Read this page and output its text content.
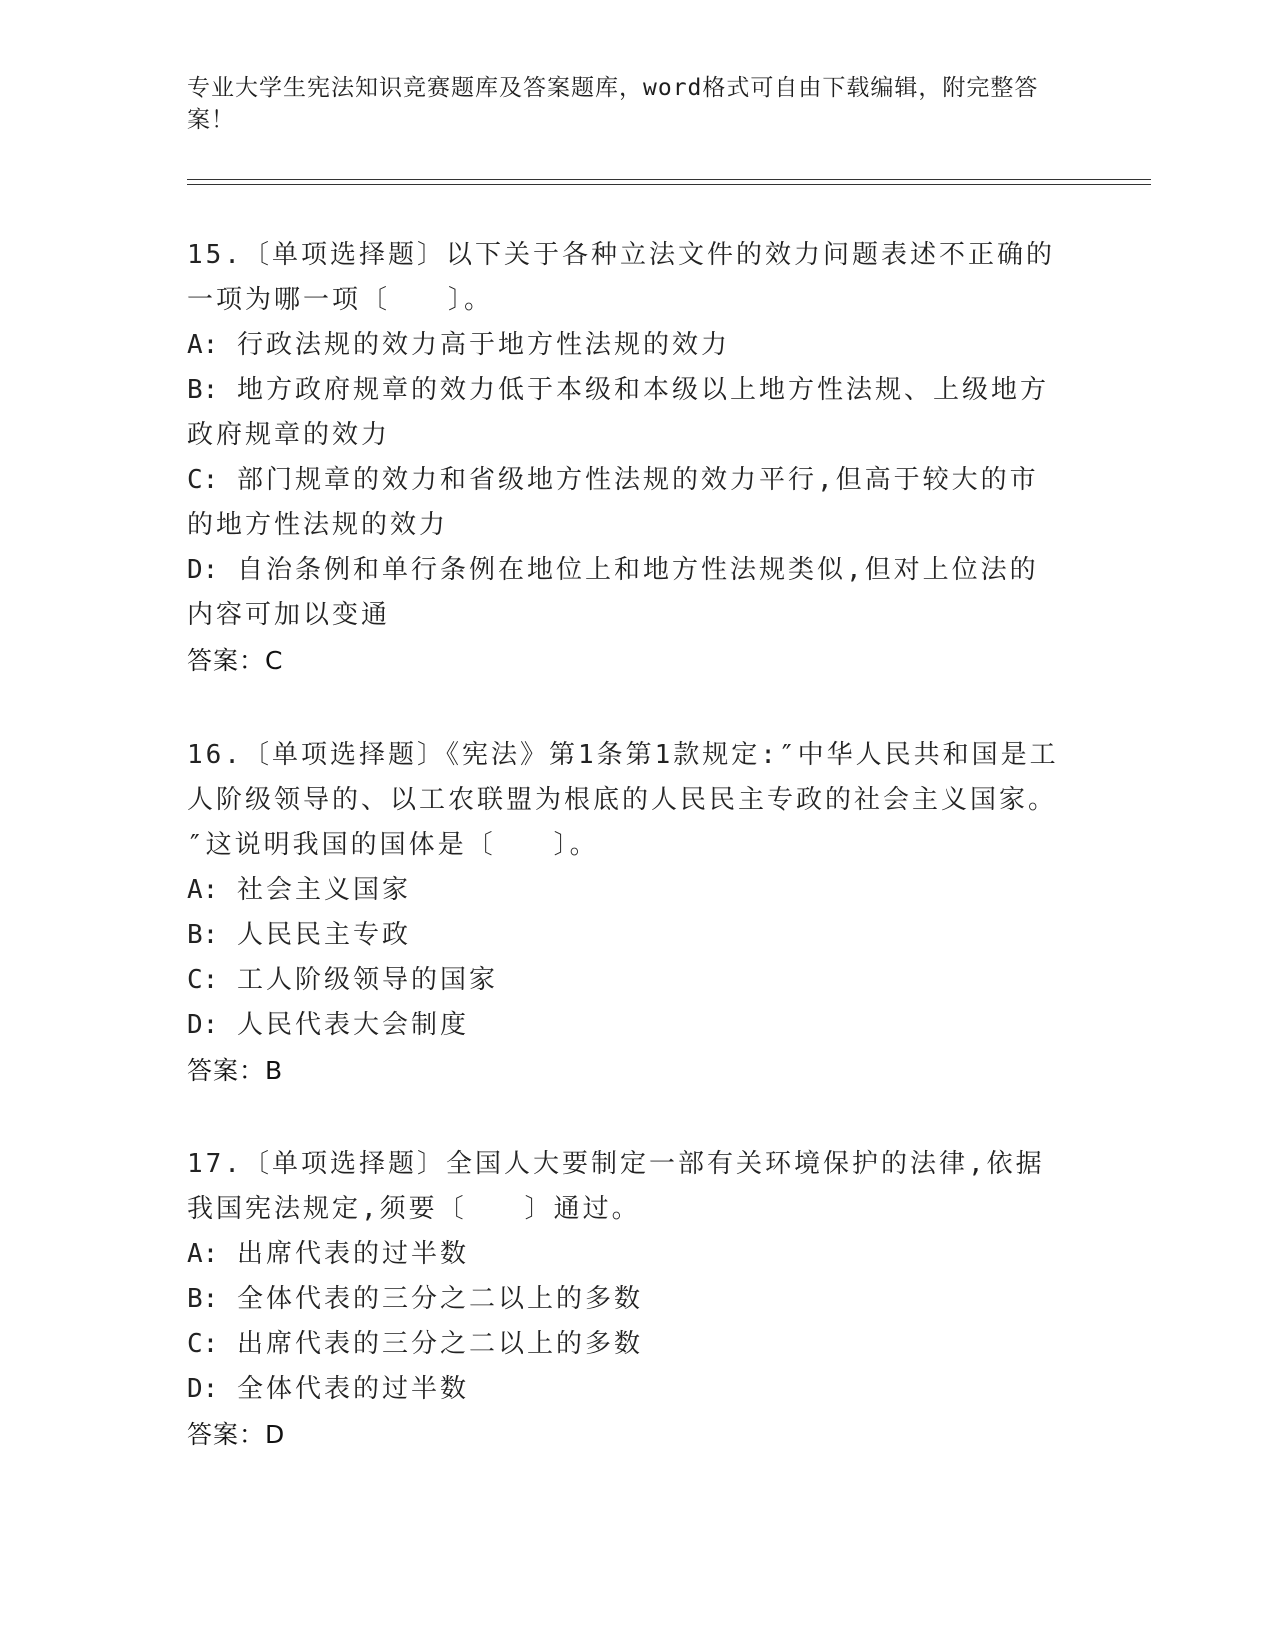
专业大学生宪法知识竞赛题库及答案题库，word格式可自由下载编辑，附完整答案！

15.〔单项选择题〕以下关于各种立法文件的效力问题表述不正确的一项为哪一项〔　　〕。

A: 行政法规的效力高于地方性法规的效力

B: 地方政府规章的效力低于本级和本级以上地方性法规、上级地方政府规章的效力

C: 部门规章的效力和省级地方性法规的效力平行,但高于较大的市的地方性法规的效力

D: 自治条例和单行条例在地位上和地方性法规类似,但对上位法的内容可加以变通

答案：C

16.〔单项选择题〕《宪法》第1条第1款规定:″中华人民共和国是工人阶级领导的、以工农联盟为根底的人民民主专政的社会主义国家。″这说明我国的国体是〔　　〕。

A: 社会主义国家

B: 人民民主专政

C: 工人阶级领导的国家

D: 人民代表大会制度

答案：B

17.〔单项选择题〕全国人大要制定一部有关环境保护的法律,依据我国宪法规定,须要〔　　〕通过。

A: 出席代表的过半数

B: 全体代表的三分之二以上的多数

C: 出席代表的三分之二以上的多数

D: 全体代表的过半数

答案：D
